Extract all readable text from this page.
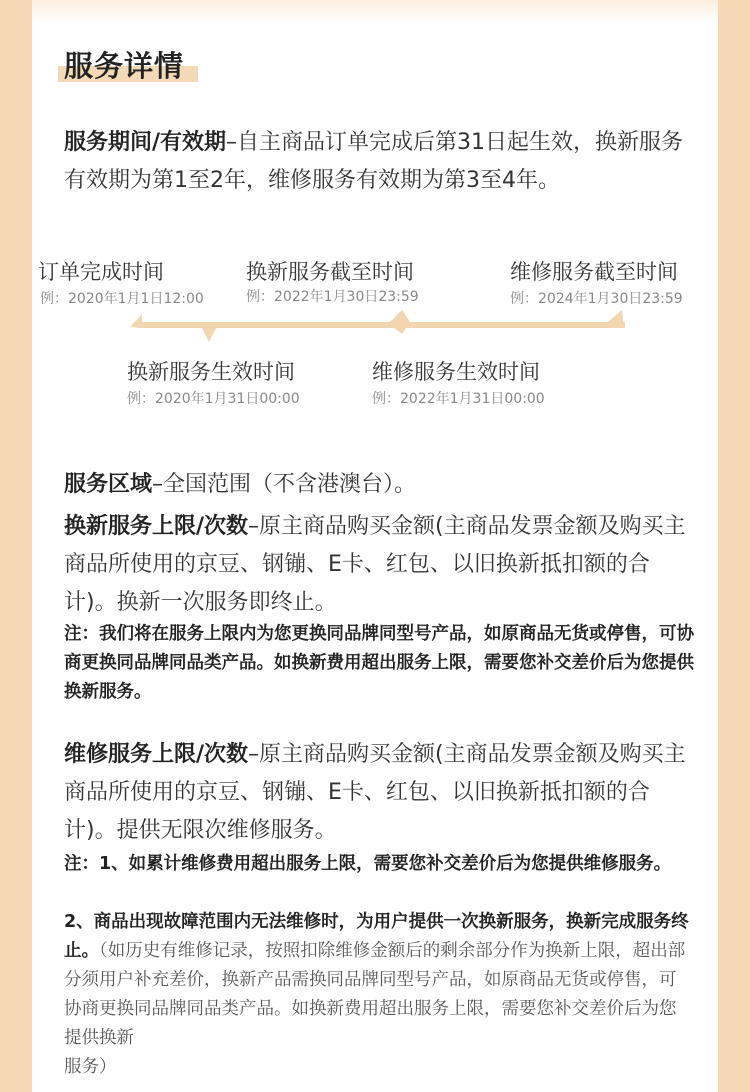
服务详情
服务期间/有效期–自主商品订单完成后第31日起生效，换新服务有效期为第1至2年，维修服务有效期为第3至4年。
订单完成时间
例：2020年1月1日12:00
换新服务截至时间
例：2022年1月30日23:59
维修服务截至时间
例：2024年1月30日23:59
换新服务生效时间
例：2020年1月31日00:00
维修服务生效时间
例：2022年1月31日00:00
服务区域–全国范围（不含港澳台）。
换新服务上限/次数–原主商品购买金额(主商品发票金额及购买主商品所使用的京豆、钢镚、E卡、红包、以旧换新抵扣额的合计)。换新一次服务即终止。
注：我们将在服务上限内为您更换同品牌同型号产品，如原商品无货或停售，可协商更换同品牌同品类产品。如换新费用超出服务上限，需要您补交差价后为您提供换新服务。
维修服务上限/次数–原主商品购买金额(主商品发票金额及购买主商品所使用的京豆、钢镚、E卡、红包、以旧换新抵扣额的合计)。提供无限次维修服务。
注：1、如累计维修费用超出服务上限，需要您补交差价后为您提供维修服务。
2、商品出现故障范围内无法维修时，为用户提供一次换新服务，换新完成服务终止。（如历史有维修记录，按照扣除维修金额后的剩余部分作为换新上限，超出部分须用户补充差价，换新产品需换同品牌同型号产品，如原商品无货或停售，可协商更换同品牌同品类产品。如换新费用超出服务上限，需要您补交差价后为您提供换新
服务）
